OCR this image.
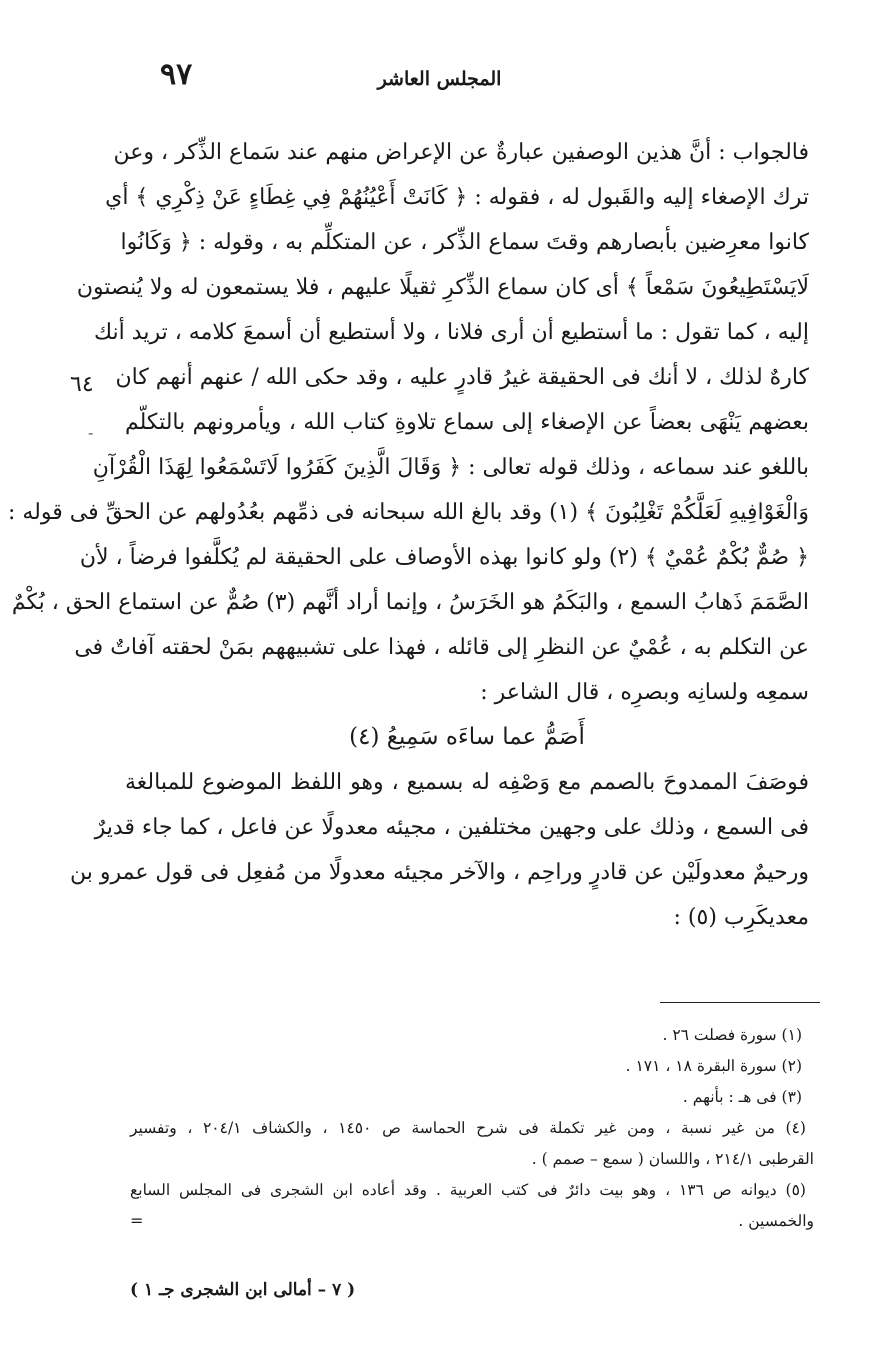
٩٧	المجلس العاشر
فالجواب : أنَّ هذين الوصفين عبارةٌ عن الإعراض منهم عند سَماع الذِّكر ، وعن
ترك الإصغاء إليه والقَبول له ، فقوله : ﴿ كَانَتْ أَعْيُنُهُمْ فِي غِطَاءٍ عَنْ ذِكْرِي ﴾ أي
كانوا معرِضين بأبصارهم وقتَ سماع الذِّكر ، عن المتكلِّم به ، وقوله : ﴿ وَكَانُوا
لَايَسْتَطِيعُونَ سَمْعاً ﴾ أى كان سماع الذِّكرِ ثقيلًا عليهم ، فلا يستمعون له ولا يُنصتون
إليه ، كما تقول : ما أستطيع أن أرى فلانا ، ولا أستطيع أن أسمعَ كلامه ، تريد أنك
كارهٌ لذلك ، لا أنك فى الحقيقة غيرُ قادرٍ عليه ، وقد حكى الله / عنهم أنهم كان
بعضهم يَنْهَى بعضاً عن الإصغاء إلى سماع تلاوةِ كتاب الله ، ويأمرونهم بالتكلّم
باللغو عند سماعه ، وذلك قوله تعالى : ﴿ وَقَالَ الَّذِينَ كَفَرُوا لَاتَسْمَعُوا لِهَذَا الْقُرْآنِ
وَالْغَوْافِيهِ لَعَلَّكُمْ تَغْلِبُونَ ﴾ (١) وقد بالغ الله سبحانه فى ذمِّهم بعُدُولهم عن الحقِّ فى قوله :
﴿ صُمٌّ بُكْمٌ عُمْيٌ ﴾ (٢) ولو كانوا بهذه الأوصاف على الحقيقة لم يُكلَّفوا فرضاً ، لأن
الصَّمَمَ ذَهابُ السمع ، والبَكَمُ هو الخَرَسُ ، وإنما أراد أنَّهم (٣) صُمٌّ عن استماع الحق ، بُكْمٌ
عن التكلم به ، عُمْيٌ عن النظرِ إلى قائله ، فهذا على تشبيههم بمَنْ لحقته آفاتٌ فى
سمعِه ولسانِه وبصرِه ، قال الشاعر :
أَصَمُّ عما ساءَه سَمِيعُ (٤)
فوصَفَ الممدوحَ بالصمم مع وَصْفِه له بسميع ، وهو اللفظ الموضوع للمبالغة
فى السمع ، وذلك على وجهين مختلفين ، مجيئه معدولًا عن فاعل ، كما جاء قديرٌ
ورحيمٌ معدولَيْن عن قادرٍ وراحِم ، والآخر مجيئه معدولًا من مُفعِل فى قول عمرو بن
معديكَرِب (٥) :
٦٤
-
(١) سورة فصلت ٢٦ .
(٢) سورة البقرة ١٨ ، ١٧١ .
(٣) فى هـ : بأنهم .
(٤) من غير نسبة ، ومن غير تكملة فى شرح الحماسة ص ١٤٥٠ ، والكشاف ٢٠٤/١ ، وتفسير
القرطبى ٢١٤/١ ، واللسان ( سمع – صمم ) .
(٥) ديوانه ص ١٣٦ ، وهو بيت دائرٌ فى كتب العربية . وقد أعاده ابن الشجرى فى المجلس السابع
والخمسين .
=
( ٧ – أمالى ابن الشجرى جـ ١ )
